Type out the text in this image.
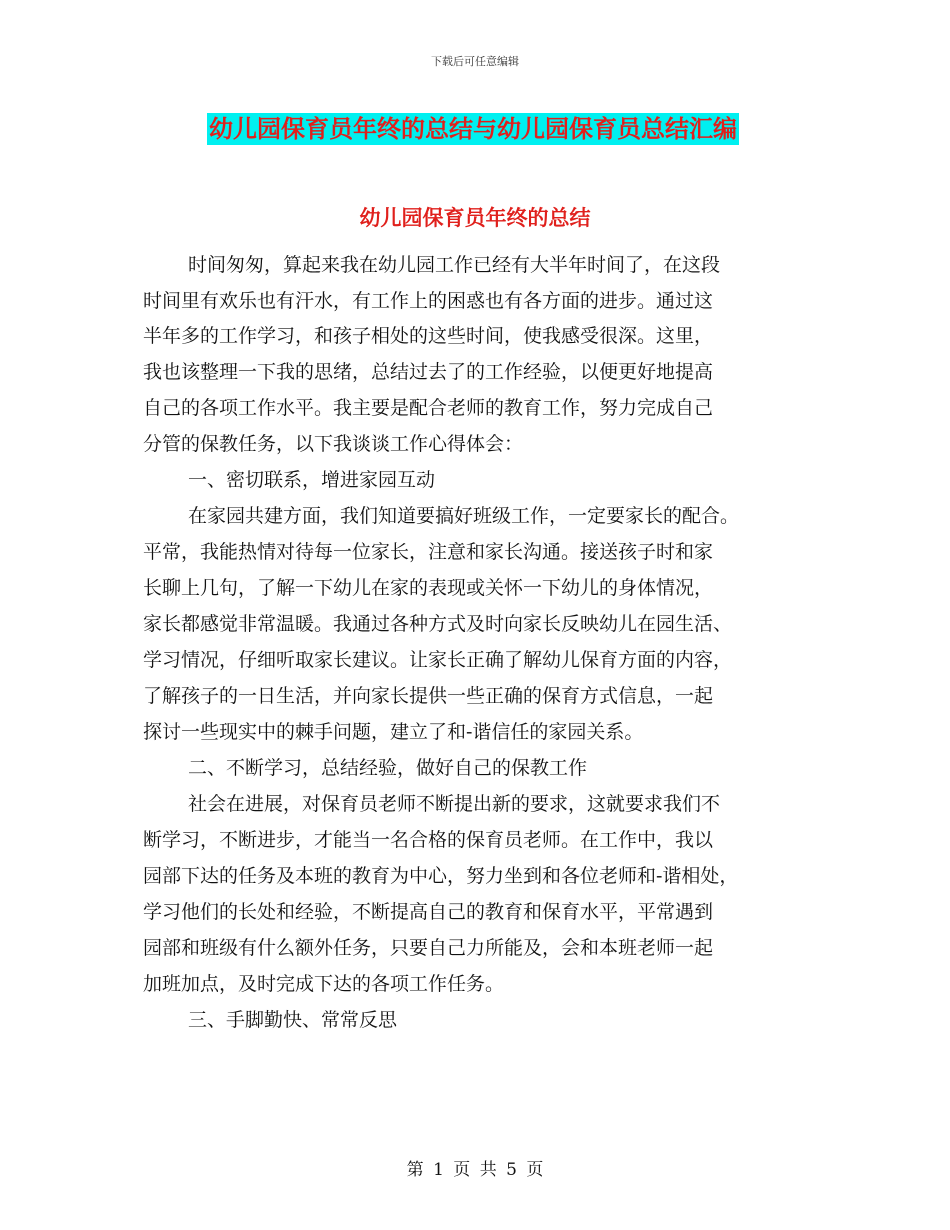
下载后可任意编辑
幼儿园保育员年终的总结与幼儿园保育员总结汇编
幼儿园保育员年终的总结
时间匆匆，算起来我在幼儿园工作已经有大半年时间了，在这段
时间里有欢乐也有汗水，有工作上的困惑也有各方面的进步。通过这
半年多的工作学习，和孩子相处的这些时间，使我感受很深。这里，
我也该整理一下我的思绪，总结过去了的工作经验，以便更好地提高
自己的各项工作水平。我主要是配合老师的教育工作，努力完成自己
分管的保教任务，以下我谈谈工作心得体会：
一、密切联系，增进家园互动
在家园共建方面，我们知道要搞好班级工作，一定要家长的配合。
平常，我能热情对待每一位家长，注意和家长沟通。接送孩子时和家
长聊上几句，了解一下幼儿在家的表现或关怀一下幼儿的身体情况，
家长都感觉非常温暖。我通过各种方式及时向家长反映幼儿在园生活、
学习情况，仔细听取家长建议。让家长正确了解幼儿保育方面的内容，
了解孩子的一日生活，并向家长提供一些正确的保育方式信息，一起
探讨一些现实中的棘手问题，建立了和-谐信任的家园关系。
二、不断学习，总结经验，做好自己的保教工作
社会在进展，对保育员老师不断提出新的要求，这就要求我们不
断学习，不断进步，才能当一名合格的保育员老师。在工作中，我以
园部下达的任务及本班的教育为中心，努力坐到和各位老师和-谐相处，
学习他们的长处和经验，不断提高自己的教育和保育水平，平常遇到
园部和班级有什么额外任务，只要自己力所能及，会和本班老师一起
加班加点，及时完成下达的各项工作任务。
三、手脚勤快、常常反思
第 1 页 共 5 页
